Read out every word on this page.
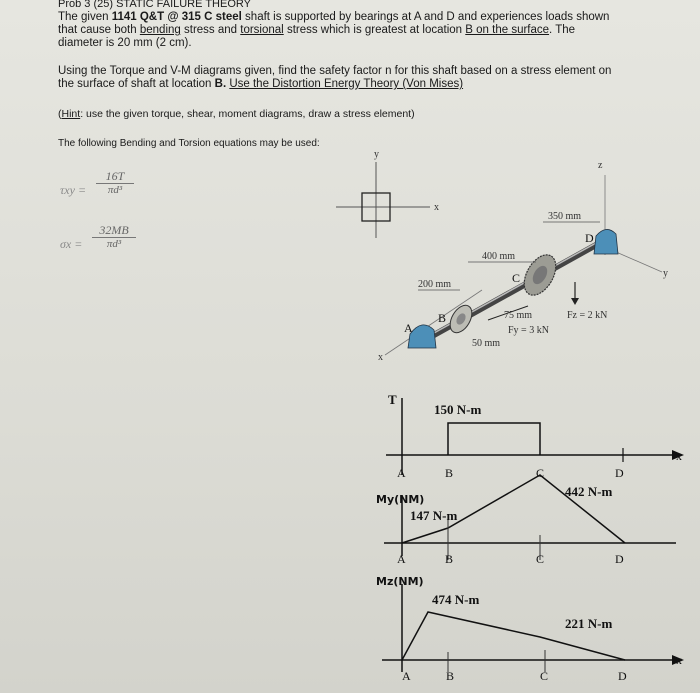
Prob 3 (25) STATIC FAILURE THEORY
The given 1141 Q&T @ 315 C steel shaft is supported by bearings at A and D and experiences loads shown
that cause both bending stress and torsional stress which is greatest at location B on the surface. The
diameter is 20 mm (2 cm).
Using the Torque and V-M diagrams given, find the safety factor n for this shaft based on a stress element on
the surface of shaft at location B. Use the Distortion Energy Theory (Von Mises)
(Hint: use the given torque, shear, moment diagrams, draw a stress element)
The following Bending and Torsion equations may be used:
$\tau xy = \frac{16T}{\text{πd³}}$
$\sigma x = \frac{32MB}{\text{πd³}}$
y
x
350 mm
400 mm
200 mm
75 mm
50 mm
Fz = 2 kN
Fy = 3 kN
A
B
C
D
x
y
z
T
150 N-m
A	B	C	D
x
My(NM)
147 N-m
442 N-m
A	B	C	D
Mz(NM)
474 N-m
221 N-m
A	B	C	D
x
